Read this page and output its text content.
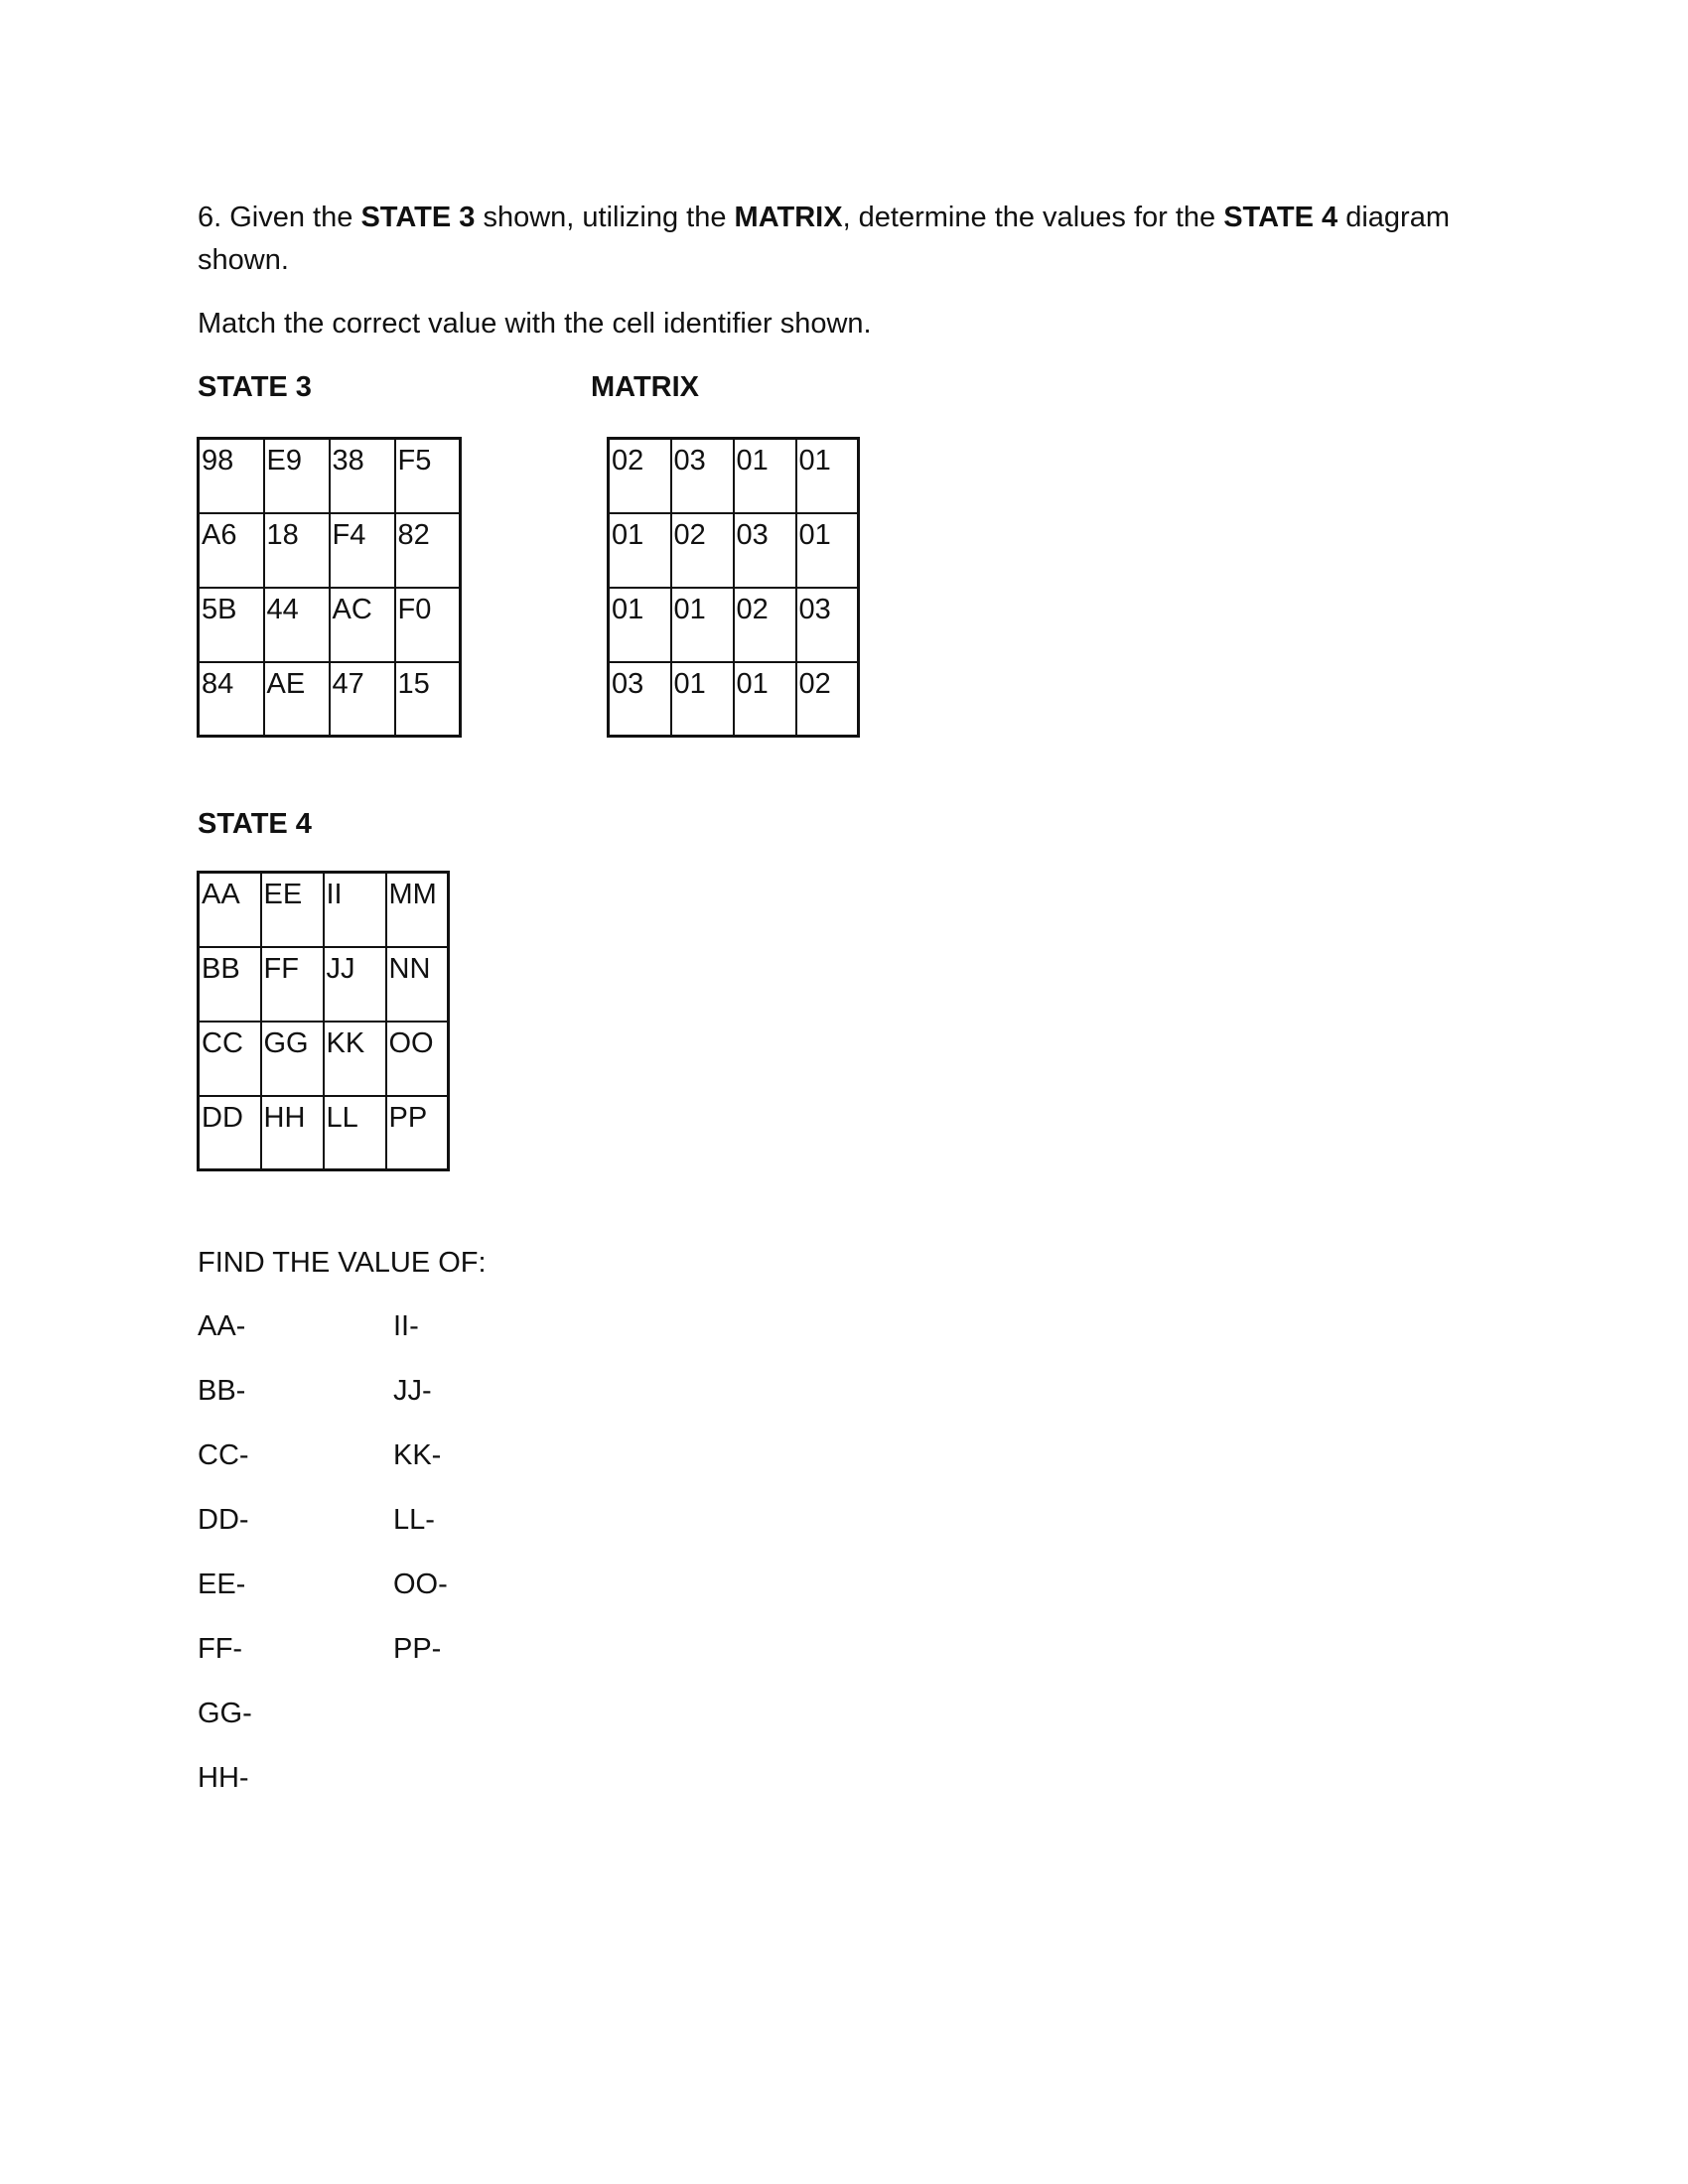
6. Given the STATE 3 shown, utilizing the MATRIX, determine the values for the STATE 4 diagram shown.
Match the correct value with the cell identifier shown.
STATE 3	MATRIX
98	E9	38	F5
A6	18	F4	82
5B	44	AC	F0
84	AE	47	15
02	03	01	01
01	02	03	01
01	01	02	03
03	01	01	02
STATE 4
AA	EE	II	MM
BB	FF	JJ	NN
CC	GG	KK	OO
DD	HH	LL	PP
FIND THE VALUE OF:
AA-
BB-
CC-
DD-
EE-
FF-
GG-
HH-
II-
JJ-
KK-
LL-
OO-
PP-
